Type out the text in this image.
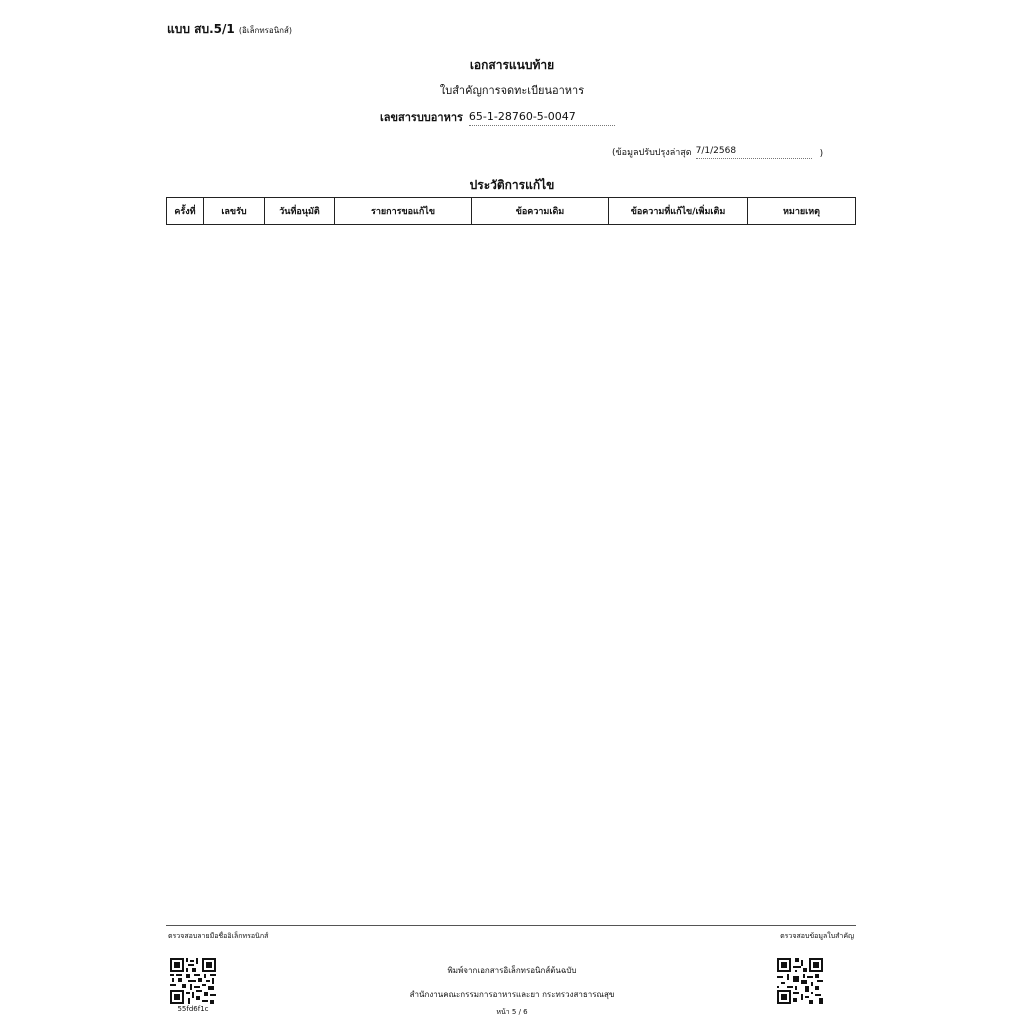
แบบ สบ.5/1 (อิเล็กทรอนิกส์)
เอกสารแนบท้าย
ใบสำคัญการจดทะเบียนอาหาร
เลขสารบบอาหาร 65-1-28760-5-0047
(ข้อมูลปรับปรุงล่าสุด 7/1/2568	)
ประวัติการแก้ไข
ครั้งที่	เลขรับ	วันที่อนุมัติ	รายการขอแก้ไข	ข้อความเดิม	ข้อความที่แก้ไข/เพิ่มเติม	หมายเหตุ
ตรวจสอบลายมือชื่ออิเล็กทรอนิกส์	ตรวจสอบข้อมูลใบสำคัญ
55fd6f1c
พิมพ์จากเอกสารอิเล็กทรอนิกส์ต้นฉบับ
สำนักงานคณะกรรมการอาหารและยา กระทรวงสาธารณสุข
หน้า 5 / 6
